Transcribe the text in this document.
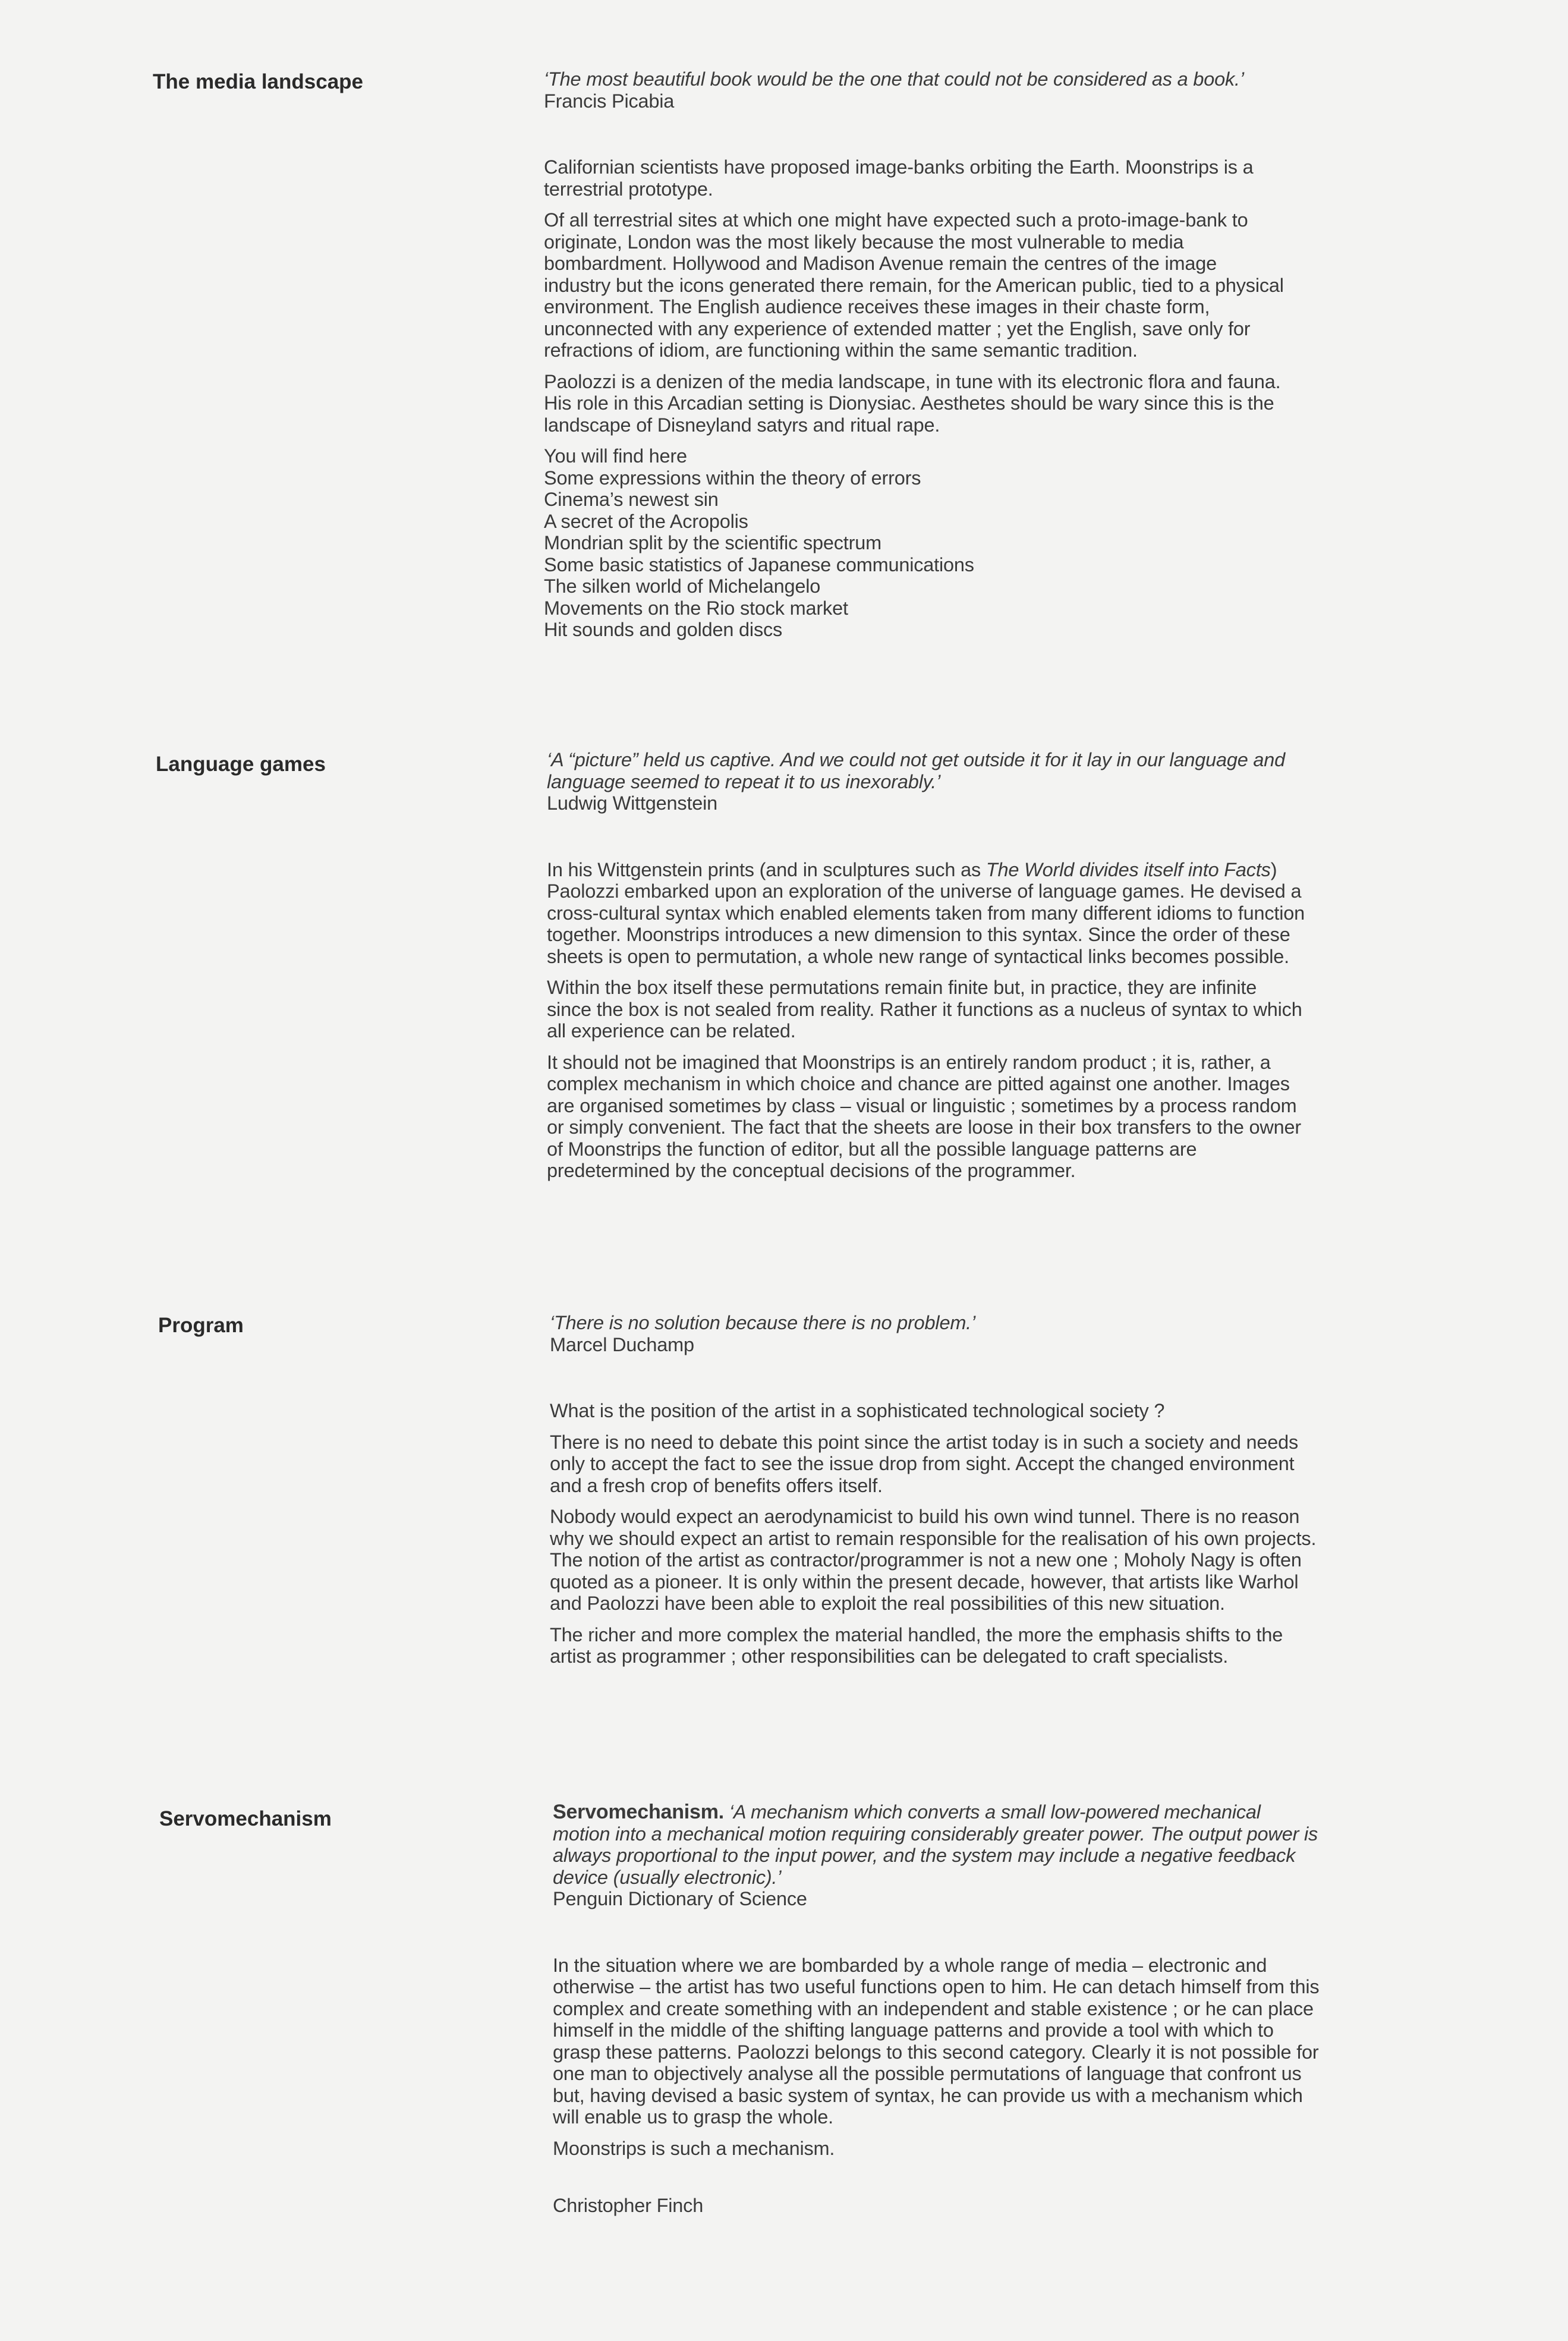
The media landscape	‘The most beautiful book would be the one that could not be considered as a book.’
Francis Picabia

Californian scientists have proposed image-banks orbiting the Earth. Moonstrips is a terrestrial prototype.

Of all terrestrial sites at which one might have expected such a proto-image-bank to originate, London was the most likely because the most vulnerable to media bombardment. Hollywood and Madison Avenue remain the centres of the image industry but the icons generated there remain, for the American public, tied to a physical environment. The English audience receives these images in their chaste form, unconnected with any experience of extended matter ; yet the English, save only for refractions of idiom, are functioning within the same semantic tradition.

Paolozzi is a denizen of the media landscape, in tune with its electronic flora and fauna. His role in this Arcadian setting is Dionysiac. Aesthetes should be wary since this is the landscape of Disneyland satyrs and ritual rape.

You will find here
Some expressions within the theory of errors
Cinema’s newest sin
A secret of the Acropolis
Mondrian split by the scientific spectrum
Some basic statistics of Japanese communications
The silken world of Michelangelo
Movements on the Rio stock market
Hit sounds and golden discs
Language games	‘A “picture” held us captive. And we could not get outside it for it lay in our language and language seemed to repeat it to us inexorably.’
Ludwig Wittgenstein

In his Wittgenstein prints (and in sculptures such as The World divides itself into Facts) Paolozzi embarked upon an exploration of the universe of language games. He devised a cross-cultural syntax which enabled elements taken from many different idioms to function together. Moonstrips introduces a new dimension to this syntax. Since the order of these sheets is open to permutation, a whole new range of syntactical links becomes possible.

Within the box itself these permutations remain finite but, in practice, they are infinite since the box is not sealed from reality. Rather it functions as a nucleus of syntax to which all experience can be related.

It should not be imagined that Moonstrips is an entirely random product ; it is, rather, a complex mechanism in which choice and chance are pitted against one another. Images are organised sometimes by class – visual or linguistic ; sometimes by a process random or simply convenient. The fact that the sheets are loose in their box transfers to the owner of Moonstrips the function of editor, but all the possible language patterns are predetermined by the conceptual decisions of the programmer.

Program	‘There is no solution because there is no problem.’
Marcel Duchamp

What is the position of the artist in a sophisticated technological society ?

There is no need to debate this point since the artist today is in such a society and needs only to accept the fact to see the issue drop from sight. Accept the changed environment and a fresh crop of benefits offers itself.

Nobody would expect an aerodynamicist to build his own wind tunnel. There is no reason why we should expect an artist to remain responsible for the realisation of his own projects. The notion of the artist as contractor/programmer is not a new one ; Moholy Nagy is often quoted as a pioneer. It is only within the present decade, however, that artists like Warhol and Paolozzi have been able to exploit the real possibilities of this new situation.

The richer and more complex the material handled, the more the emphasis shifts to the artist as programmer ; other responsibilities can be delegated to craft specialists.

Servomechanism	Servomechanism. ‘A mechanism which converts a small low-powered mechanical motion into a mechanical motion requiring considerably greater power. The output power is always proportional to the input power, and the system may include a negative feedback device (usually electronic).’
Penguin Dictionary of Science

In the situation where we are bombarded by a whole range of media – electronic and otherwise – the artist has two useful functions open to him. He can detach himself from this complex and create something with an independent and stable existence ; or he can place himself in the middle of the shifting language patterns and provide a tool with which to grasp these patterns. Paolozzi belongs to this second category. Clearly it is not possible for one man to objectively analyse all the possible permutations of language that confront us but, having devised a basic system of syntax, he can provide us with a mechanism which will enable us to grasp the whole.

Moonstrips is such a mechanism.

Christopher Finch
